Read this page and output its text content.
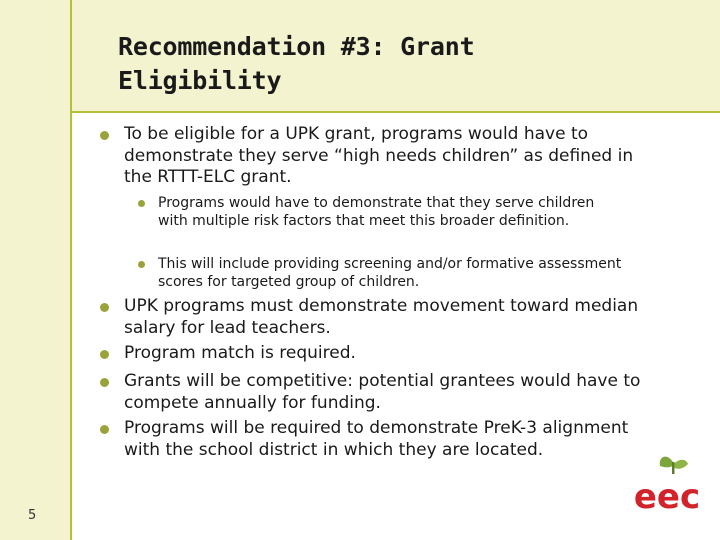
Recommendation #3: Grant Eligibility
To be eligible for a UPK grant, programs would have to demonstrate they serve “high needs children” as defined in the RTTT-ELC grant.
Programs would have to demonstrate that they serve children with multiple risk factors that meet this broader definition.
This will include providing screening and/or formative assessment scores for targeted group of children.
UPK programs must demonstrate movement toward median salary for lead teachers.
Program match is required.
Grants will be competitive: potential grantees would have to compete annually for funding.
Programs will be required to demonstrate PreK-3 alignment with the school district in which they are located.
5	eec
